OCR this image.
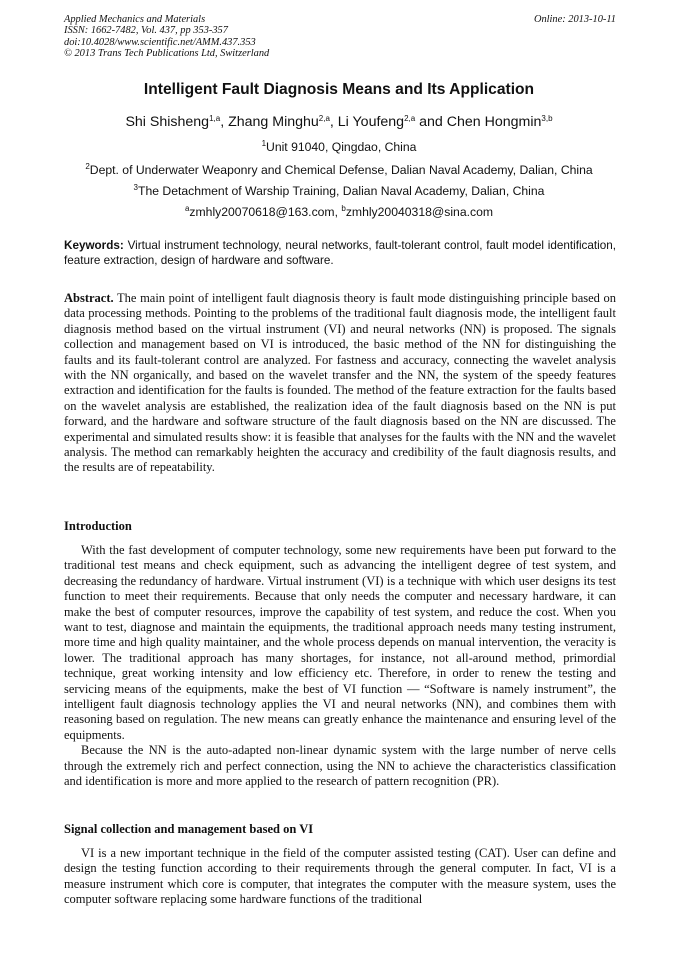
Applied Mechanics and Materials
ISSN: 1662-7482, Vol. 437, pp 353-357
doi:10.4028/www.scientific.net/AMM.437.353
© 2013 Trans Tech Publications Ltd, Switzerland
Online: 2013-10-11
Intelligent Fault Diagnosis Means and Its Application
Shi Shisheng$^{1,a}$, Zhang Minghu$^{2,a}$, Li Youfeng$^{2,a}$ and Chen Hongmin$^{3,b}$
$^1$Unit 91040, Qingdao, China
$^2$Dept. of Underwater Weaponry and Chemical Defense, Dalian Naval Academy, Dalian, China
$^3$The Detachment of Warship Training, Dalian Naval Academy, Dalian, China
$^a$zmhly20070618@163.com, $^b$zmhly20040318@sina.com
Keywords: Virtual instrument technology, neural networks, fault-tolerant control, fault model identification, feature extraction, design of hardware and software.
Abstract. The main point of intelligent fault diagnosis theory is fault mode distinguishing principle based on data processing methods. Pointing to the problems of the traditional fault diagnosis mode, the intelligent fault diagnosis method based on the virtual instrument (VI) and neural networks (NN) is proposed. The signals collection and management based on VI is introduced, the basic method of the NN for distinguishing the faults and its fault-tolerant control are analyzed. For fastness and accuracy, connecting the wavelet analysis with the NN organically, and based on the wavelet transfer and the NN, the system of the speedy features extraction and identification for the faults is founded. The method of the feature extraction for the faults based on the wavelet analysis are established, the realization idea of the fault diagnosis based on the NN is put forward, and the hardware and software structure of the fault diagnosis based on the NN are discussed. The experimental and simulated results show: it is feasible that analyses for the faults with the NN and the wavelet analysis. The method can remarkably heighten the accuracy and credibility of the fault diagnosis results, and the results are of repeatability.
Introduction

With the fast development of computer technology, some new requirements have been put forward to the traditional test means and check equipment, such as advancing the intelligent degree of test system, and decreasing the redundancy of hardware. Virtual instrument (VI) is a technique with which user designs its test function to meet their requirements. Because that only needs the computer and necessary hardware, it can make the best of computer resources, improve the capability of test system, and reduce the cost. When you want to test, diagnose and maintain the equipments, the traditional approach needs many testing instrument, more time and high quality maintainer, and the whole process depends on manual intervention, the veracity is lower. The traditional approach has many shortages, for instance, not all-around method, primordial technique, great working intensity and low efficiency etc. Therefore, in order to renew the testing and servicing means of the equipments, make the best of VI function — “Software is namely instrument”, the intelligent fault diagnosis technology applies the VI and neural networks (NN), and combines them with reasoning based on regulation. The new means can greatly enhance the maintenance and ensuring level of the equipments.

Because the NN is the auto-adapted non-linear dynamic system with the large number of nerve cells through the extremely rich and perfect connection, using the NN to achieve the characteristics classification and identification is more and more applied to the research of pattern recognition (PR).

Signal collection and management based on VI

VI is a new important technique in the field of the computer assisted testing (CAT). User can define and design the testing function according to their requirements through the general computer. In fact, VI is a measure instrument which core is computer, that integrates the computer with the measure system, uses the computer software replacing some hardware functions of the traditional
